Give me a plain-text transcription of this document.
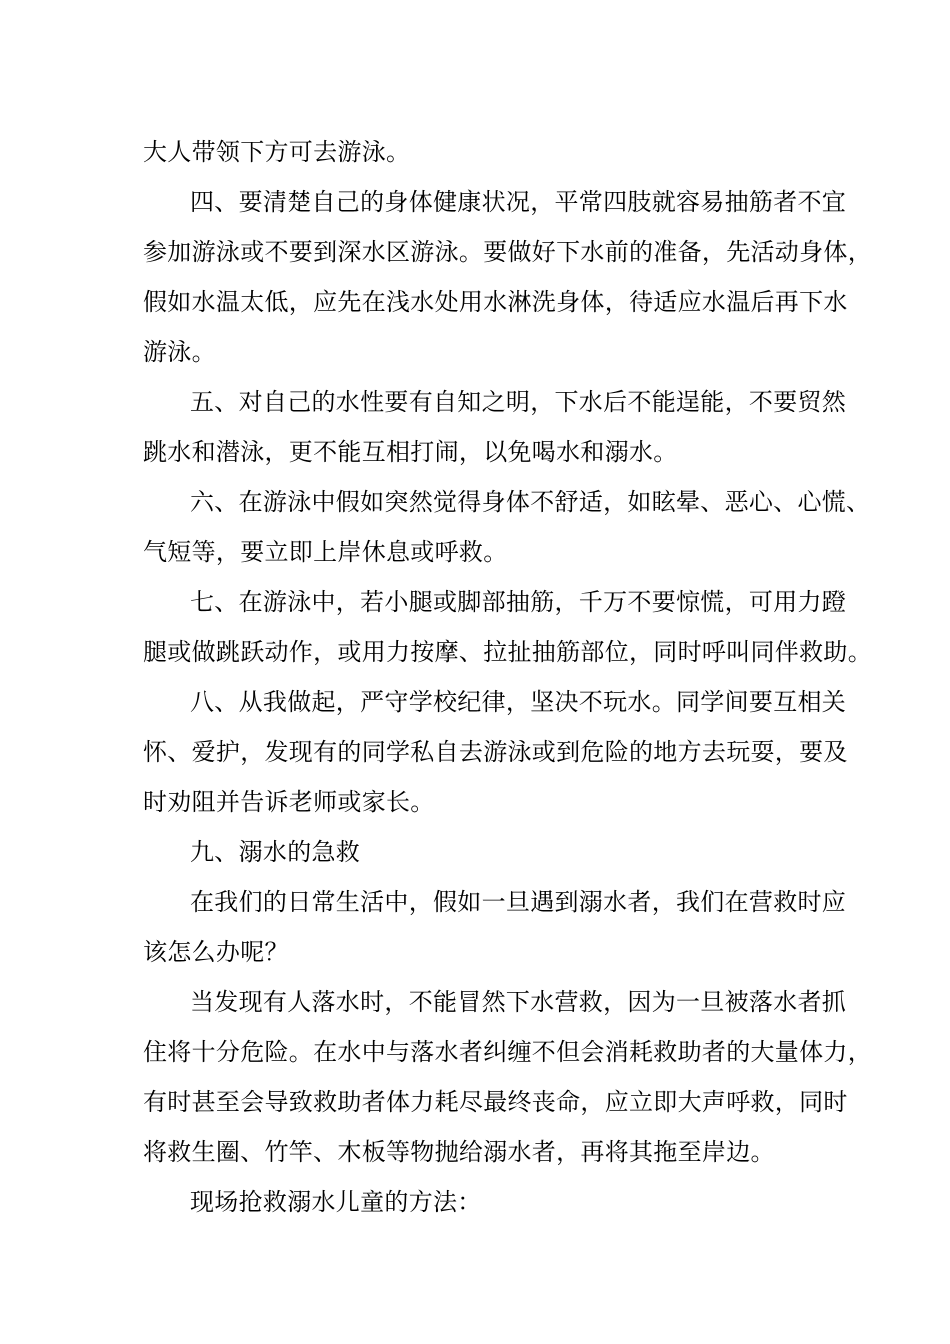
大人带领下方可去游泳。
四、要清楚自己的身体健康状况，平常四肢就容易抽筋者不宜
参加游泳或不要到深水区游泳。要做好下水前的准备，先活动身体，
假如水温太低，应先在浅水处用水淋洗身体，待适应水温后再下水
游泳。
五、对自己的水性要有自知之明，下水后不能逞能，不要贸然
跳水和潜泳，更不能互相打闹，以免喝水和溺水。
六、在游泳中假如突然觉得身体不舒适，如眩晕、恶心、心慌、
气短等，要立即上岸休息或呼救。
七、在游泳中，若小腿或脚部抽筋，千万不要惊慌，可用力蹬
腿或做跳跃动作，或用力按摩、拉扯抽筋部位，同时呼叫同伴救助。
八、从我做起，严守学校纪律，坚决不玩水。同学间要互相关
怀、爱护，发现有的同学私自去游泳或到危险的地方去玩耍，要及
时劝阻并告诉老师或家长。
九、溺水的急救
在我们的日常生活中，假如一旦遇到溺水者，我们在营救时应
该怎么办呢？
当发现有人落水时，不能冒然下水营救，因为一旦被落水者抓
住将十分危险。在水中与落水者纠缠不但会消耗救助者的大量体力，
有时甚至会导致救助者体力耗尽最终丧命，应立即大声呼救，同时
将救生圈、竹竿、木板等物抛给溺水者，再将其拖至岸边。
现场抢救溺水儿童的方法：
